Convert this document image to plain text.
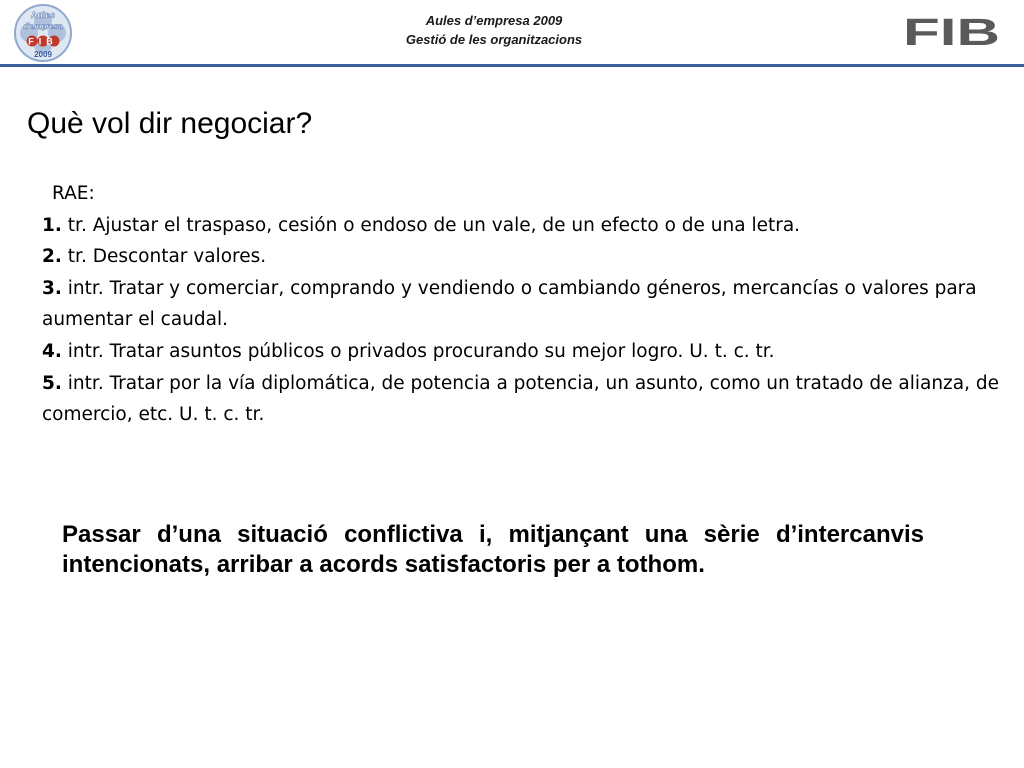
Aules
d'empresa
FIB
2009
Aules d’empresa 2009
Gestió de les organitzacions	FIB
Què vol dir negociar?

RAE:

1. tr. Ajustar el traspaso, cesión o endoso de un vale, de un efecto o de una letra.

2. tr. Descontar valores.

3. intr. Tratar y comerciar, comprando y vendiendo o cambiando géneros, mercancías o valores para aumentar el caudal.

4. intr. Tratar asuntos públicos o privados procurando su mejor logro. U. t. c. tr.

5. intr. Tratar por la vía diplomática, de potencia a potencia, un asunto, como un tratado de alianza, de comercio, etc. U. t. c. tr.

Passar d’una situació conflictiva i, mitjançant una sèrie d’intercanvis intencionats, arribar a acords satisfactoris per a tothom.
